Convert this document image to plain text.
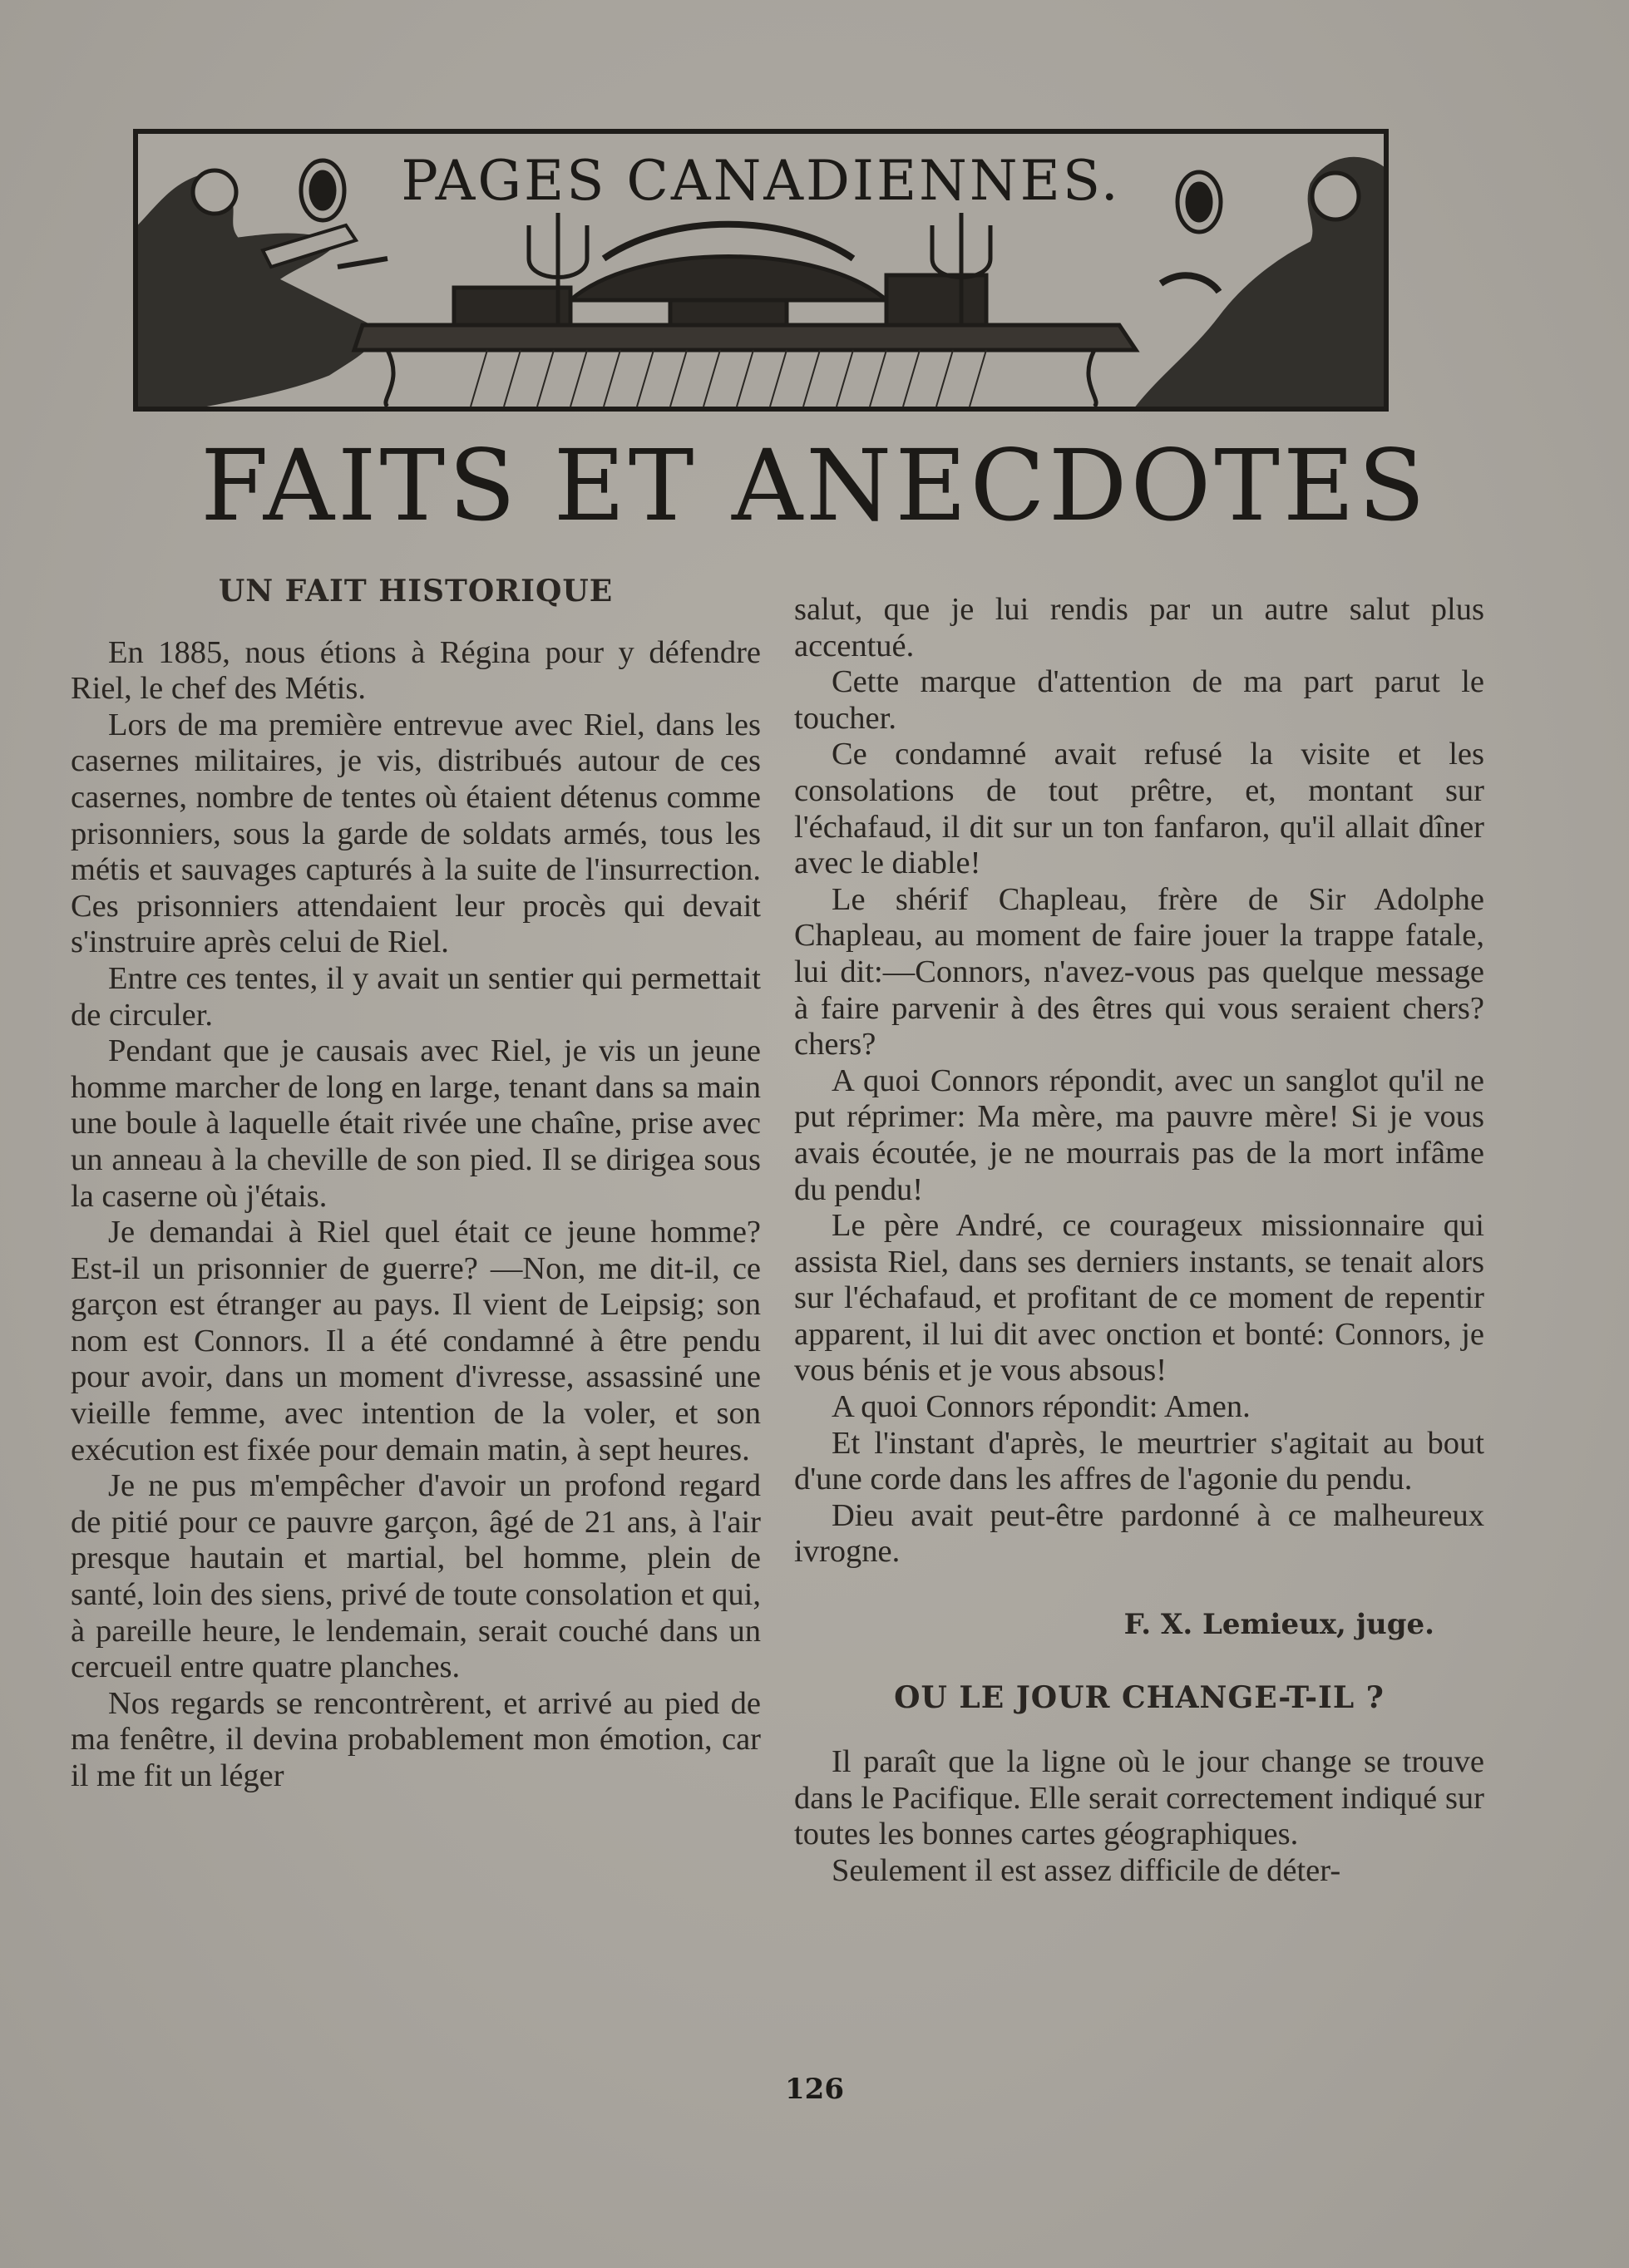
PAGES CANADIENNES.
FAITS ET ANECDOTES
UN FAIT HISTORIQUE

En 1885, nous étions à Régina pour y défendre Riel, le chef des Métis.

Lors de ma première entrevue avec Riel, dans les casernes militaires, je vis, distribués autour de ces casernes, nombre de tentes où étaient détenus comme prisonniers, sous la garde de soldats armés, tous les métis et sauvages capturés à la suite de l'insurrection. Ces prisonniers attendaient leur procès qui devait s'instruire après celui de Riel.

Entre ces tentes, il y avait un sentier qui permettait de circuler.

Pendant que je causais avec Riel, je vis un jeune homme marcher de long en large, tenant dans sa main une boule à laquelle était rivée une chaîne, prise avec un anneau à la cheville de son pied. Il se dirigea sous la caserne où j'étais.

Je demandai à Riel quel était ce jeune homme? Est-il un prisonnier de guerre? —Non, me dit-il, ce garçon est étranger au pays. Il vient de Leipsig; son nom est Connors. Il a été condamné à être pendu pour avoir, dans un moment d'ivresse, assassiné une vieille femme, avec intention de la voler, et son exécution est fixée pour demain matin, à sept heures.

Je ne pus m'empêcher d'avoir un profond regard de pitié pour ce pauvre garçon, âgé de 21 ans, à l'air presque hautain et martial, bel homme, plein de santé, loin des siens, privé de toute consolation et qui, à pareille heure, le lendemain, serait couché dans un cercueil entre quatre planches.

Nos regards se rencontrèrent, et arrivé au pied de ma fenêtre, il devina probablement mon émotion, car il me fit un léger

salut, que je lui rendis par un autre salut plus accentué.

Cette marque d'attention de ma part parut le toucher.

Ce condamné avait refusé la visite et les consolations de tout prêtre, et, montant sur l'échafaud, il dit sur un ton fanfaron, qu'il allait dîner avec le diable!

Le shérif Chapleau, frère de Sir Adolphe Chapleau, au moment de faire jouer la trappe fatale, lui dit:—Connors, n'avez-vous pas quelque message à faire parvenir à des êtres qui vous seraient chers? chers?

A quoi Connors répondit, avec un sanglot qu'il ne put réprimer: Ma mère, ma pauvre mère! Si je vous avais écoutée, je ne mourrais pas de la mort infâme du pendu!

Le père André, ce courageux missionnaire qui assista Riel, dans ses derniers instants, se tenait alors sur l'échafaud, et profitant de ce moment de repentir apparent, il lui dit avec onction et bonté: Connors, je vous bénis et je vous absous!

A quoi Connors répondit: Amen.

Et l'instant d'après, le meurtrier s'agitait au bout d'une corde dans les affres de l'agonie du pendu.

Dieu avait peut-être pardonné à ce malheureux ivrogne.

F. X. Lemieux, juge.

OU LE JOUR CHANGE-T-IL ?

Il paraît que la ligne où le jour change se trouve dans le Pacifique. Elle serait correctement indiqué sur toutes les bonnes cartes géographiques.

Seulement il est assez difficile de déter-

126
